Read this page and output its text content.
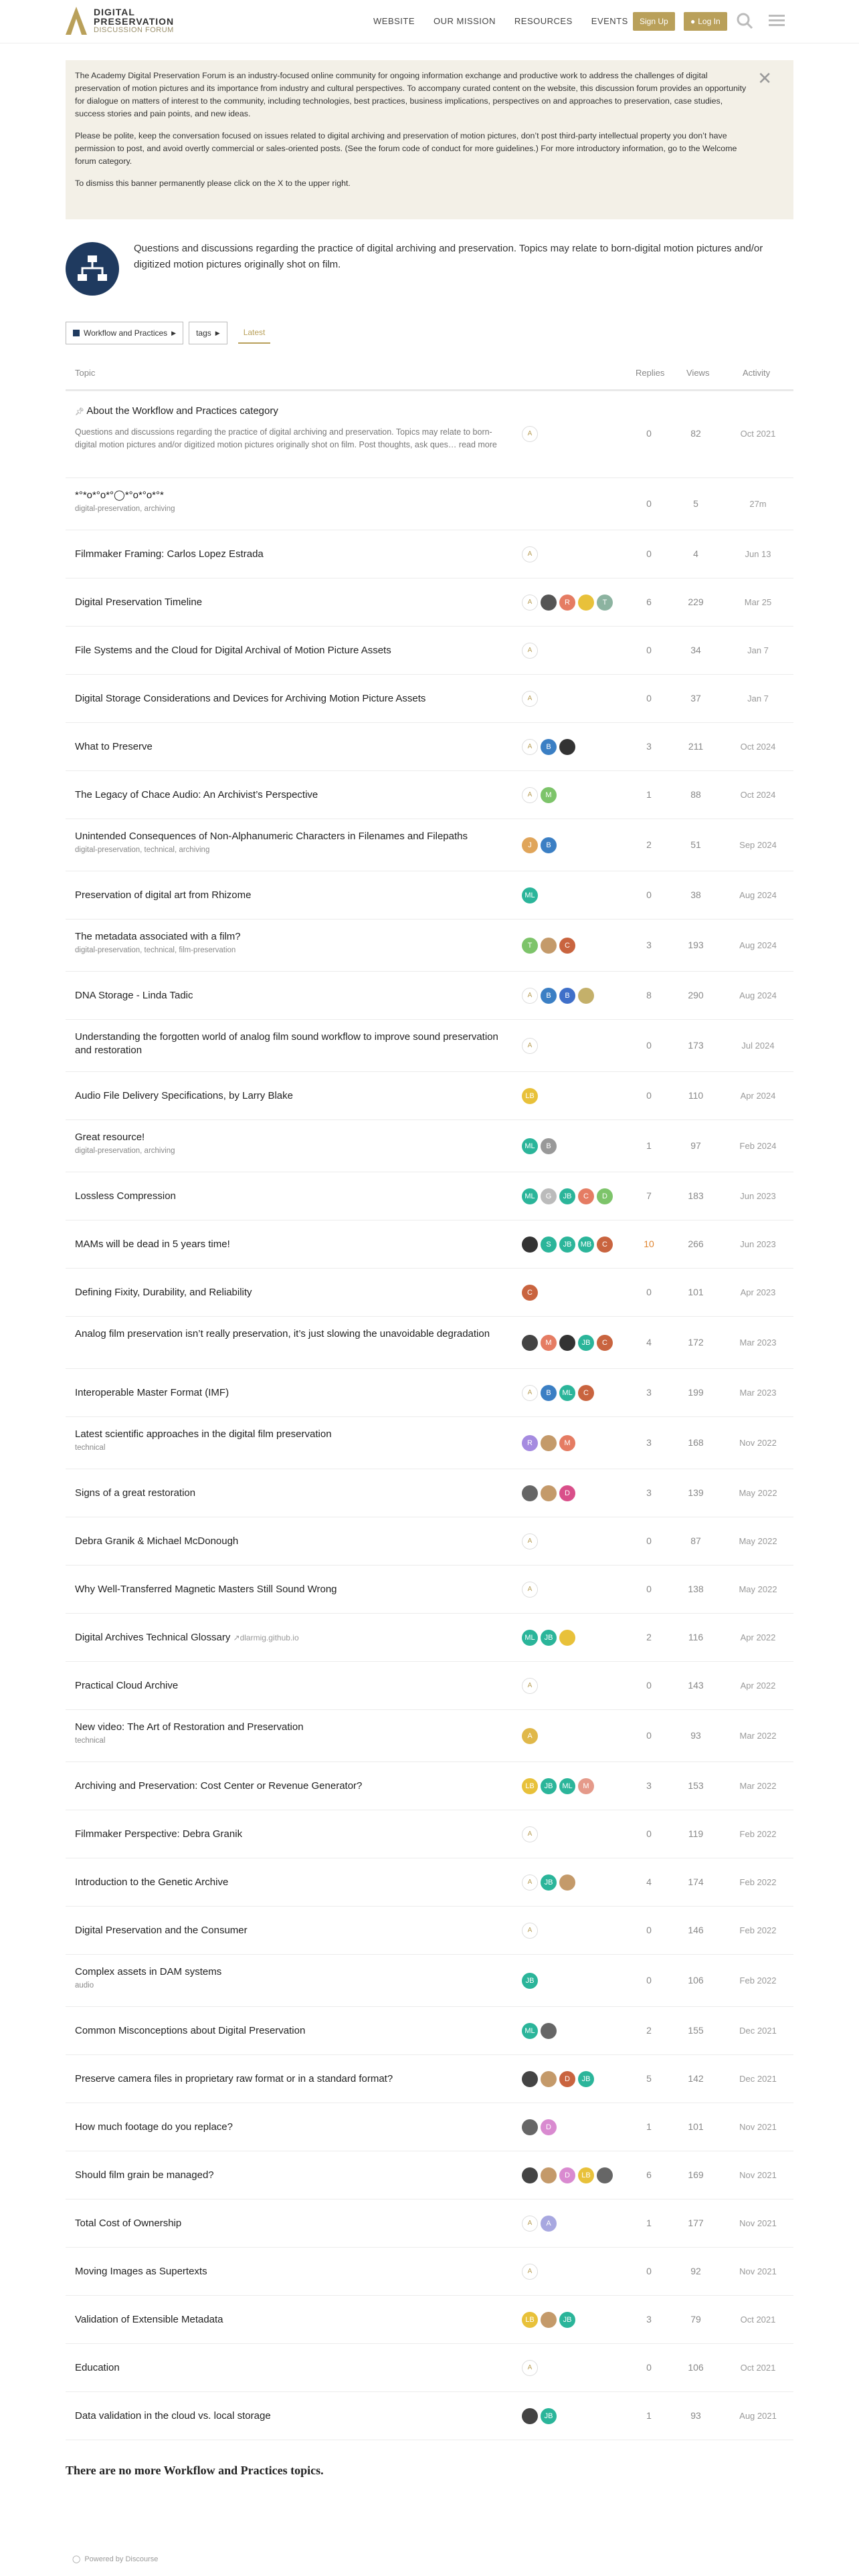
DIGITAL
PRESERVATION
DISCUSSION FORUM
WEBSITE OUR MISSION RESOURCES EVENTS Sign Up	● Log In

The Academy Digital Preservation Forum is an industry-focused online community for ongoing information exchange and productive work to address the challenges of digital preservation of motion pictures and its importance from industry and cultural perspectives. To accompany curated content on the website, this discussion forum provides an opportunity for dialogue on matters of interest to the community, including technologies, best practices, business implications, perspectives on and approaches to preservation, case studies, success stories and pain points, and new ideas.

Please be polite, keep the conversation focused on issues related to digital archiving and preservation of motion pictures, don’t post third-party intellectual property you don’t have permission to post, and avoid overtly commercial or sales-oriented posts. (See the forum code of conduct for more guidelines.) For more introductory information, go to the Welcome forum category.

To dismiss this banner permanently please click on the X to the upper right.

✕
Questions and discussions regarding the practice of digital archiving and preservation. Topics may relate to born-digital motion pictures and/or digitized motion pictures originally shot on film.
Workflow and Practices ▶	tags ▶	Latest
Topic	Replies	Views	Activity
📌︎ About the Workflow and Practices category
Questions and discussions regarding the practice of digital archiving and preservation. Topics may relate to born-digital motion pictures and/or digitized motion pictures originally shot on film. Post thoughts, ask ques… read more
A	0	82	Oct 2021
*°*o*°o*°◯*°o*°o*°*
digital-preservation, archiving	0	5	27m
Filmmaker Framing: Carlos Lopez Estrada	A	0	4	Jun 13
Digital Preservation Timeline	A	R	T	6	229	Mar 25
File Systems and the Cloud for Digital Archival of Motion Picture Assets	A	0	34	Jan 7
Digital Storage Considerations and Devices for Archiving Motion Picture Assets	A	0	37	Jan 7
What to Preserve	A	B	3	211	Oct 2024
The Legacy of Chace Audio: An Archivist’s Perspective	A	M	1	88	Oct 2024
Unintended Consequences of Non-Alphanumeric Characters in Filenames and Filepaths
digital-preservation, technical, archiving
J	B	2	51	Sep 2024
Preservation of digital art from Rhizome	ML	0	38	Aug 2024
The metadata associated with a film?
digital-preservation, technical, film-preservation
T	C	3	193	Aug 2024
DNA Storage - Linda Tadic	A	B	B	8	290	Aug 2024
Understanding the forgotten world of analog film sound workflow to improve sound preservation and restoration	A	0	173	Jul 2024
Audio File Delivery Specifications, by Larry Blake	LB	0	110	Apr 2024
Great resource!
digital-preservation, archiving
ML	B	1	97	Feb 2024
Lossless Compression	ML	G	JB	C	D	7	183	Jun 2023
MAMs will be dead in 5 years time!	S	JB	MB	C	10	266	Jun 2023
Defining Fixity, Durability, and Reliability	C	0	101	Apr 2023
Analog film preservation isn’t really preservation, it’s just slowing the unavoidable degradation
M	JB	C	4	172	Mar 2023
Interoperable Master Format (IMF)	A	B	ML	C	3	199	Mar 2023
Latest scientific approaches in the digital film preservation
technical
R	M	3	168	Nov 2022
Signs of a great restoration	D	3	139	May 2022
Debra Granik & Michael McDonough	A	0	87	May 2022
Why Well-Transferred Magnetic Masters Still Sound Wrong	A	0	138	May 2022
Digital Archives Technical Glossary ↗dlarmig.github.io	ML	JB	2	116	Apr 2022
Practical Cloud Archive	A	0	143	Apr 2022
New video: The Art of Restoration and Preservation
technical
A	0	93	Mar 2022
Archiving and Preservation: Cost Center or Revenue Generator?	LB	JB	ML	M	3	153	Mar 2022
Filmmaker Perspective: Debra Granik	A	0	119	Feb 2022
Introduction to the Genetic Archive	A	JB	4	174	Feb 2022
Digital Preservation and the Consumer	A	0	146	Feb 2022
Complex assets in DAM systems
audio
JB	0	106	Feb 2022
Common Misconceptions about Digital Preservation	ML	2	155	Dec 2021
Preserve camera files in proprietary raw format or in a standard format?	D	JB	5	142	Dec 2021
How much footage do you replace?	D	1	101	Nov 2021
Should film grain be managed?	D	LB	6	169	Nov 2021
Total Cost of Ownership	A	A	1	177	Nov 2021
Moving Images as Supertexts	A	0	92	Nov 2021
Validation of Extensible Metadata	LB	JB	3	79	Oct 2021
Education	A	0	106	Oct 2021
Data validation in the cloud vs. local storage	JB	1	93	Aug 2021
There are no more Workflow and Practices topics.
◯ Powered by Discourse
